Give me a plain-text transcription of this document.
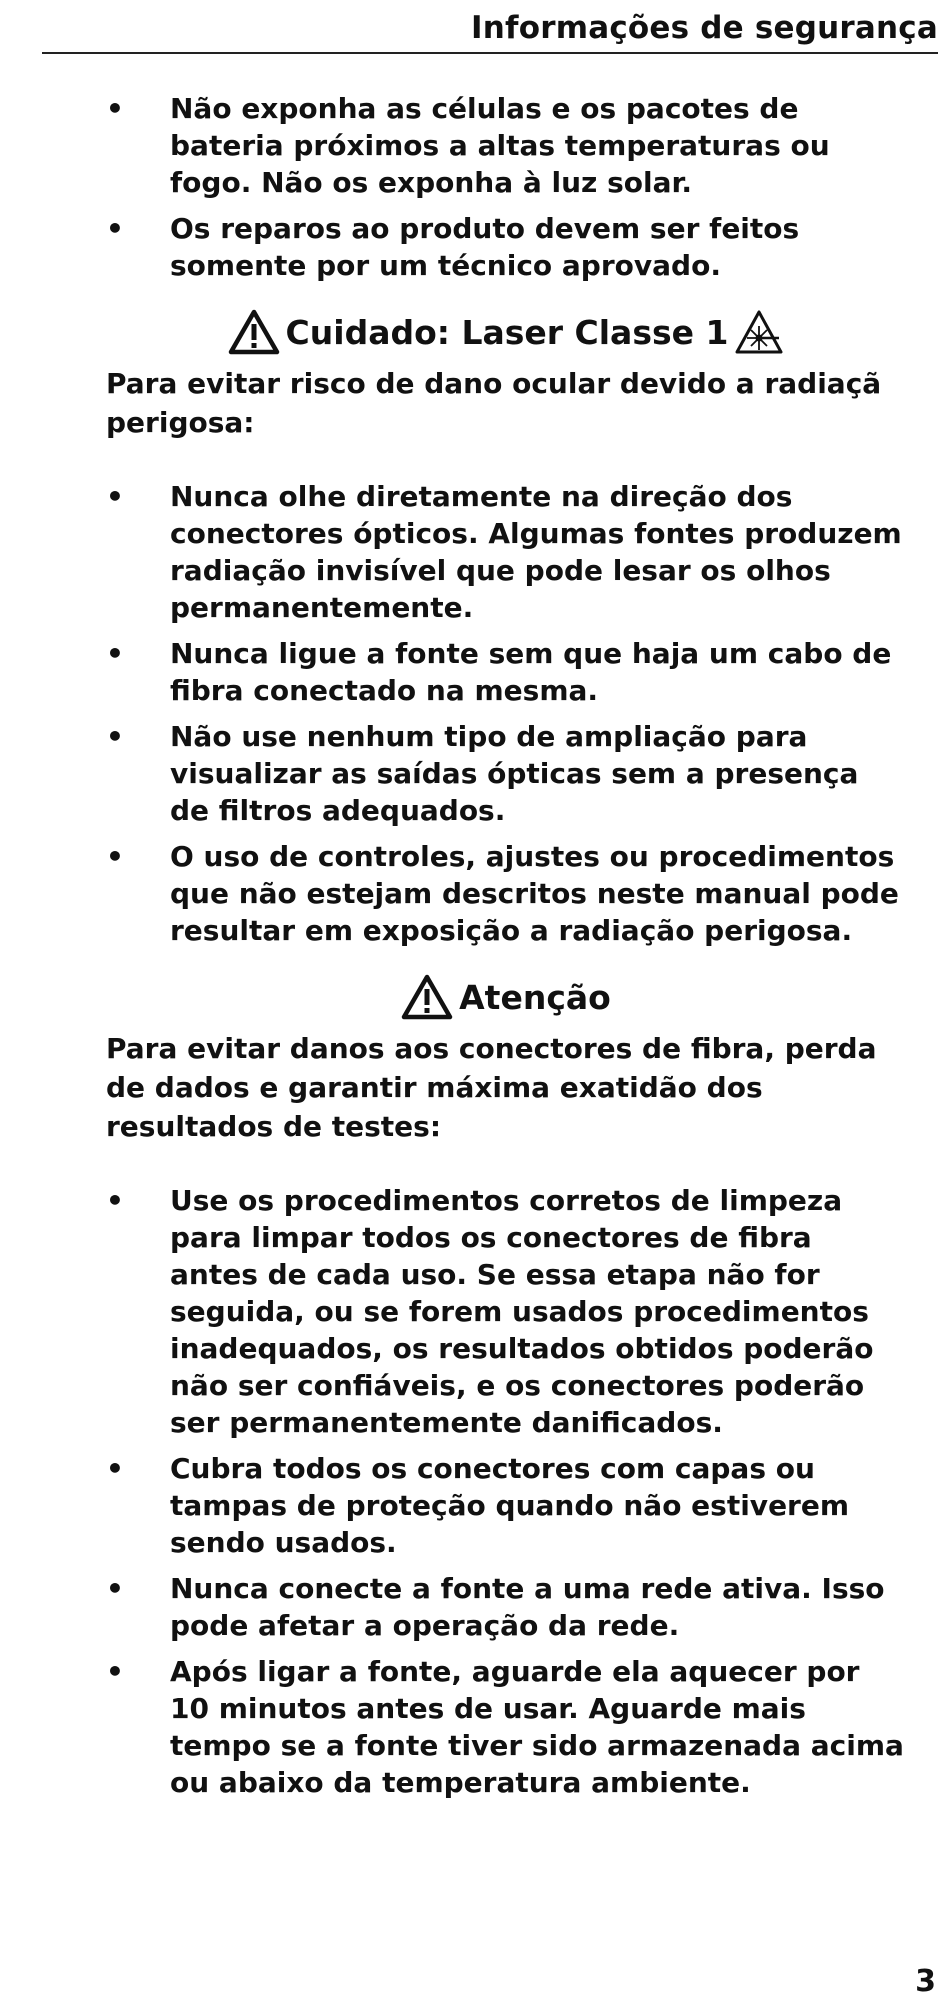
Informações de segurança
• Não exponha as células e os pacotes de bateria próximos a altas temperaturas ou fogo. Não os exponha à luz solar.
• Os reparos ao produto devem ser feitos somente por um técnico aprovado.
Cuidado: Laser Classe 1
Para evitar risco de dano ocular devido a radiaçã perigosa:
• Nunca olhe diretamente na direção dos conectores ópticos. Algumas fontes produzem radiação invisível que pode lesar os olhos permanentemente.
• Nunca ligue a fonte sem que haja um cabo de fibra conectado na mesma.
• Não use nenhum tipo de ampliação para visualizar as saídas ópticas sem a presença de filtros adequados.
• O uso de controles, ajustes ou procedimentos que não estejam descritos neste manual pode resultar em exposição a radiação perigosa.
Atenção
Para evitar danos aos conectores de fibra, perda de dados e garantir máxima exatidão dos resultados de testes:
• Use os procedimentos corretos de limpeza para limpar todos os conectores de fibra antes de cada uso. Se essa etapa não for seguida, ou se forem usados procedimentos inadequados, os resultados obtidos poderão não ser confiáveis, e os conectores poderão ser permanentemente danificados.
• Cubra todos os conectores com capas ou tampas de proteção quando não estiverem sendo usados.
• Nunca conecte a fonte a uma rede ativa. Isso pode afetar a operação da rede.
• Após ligar a fonte, aguarde ela aquecer por 10 minutos antes de usar. Aguarde mais tempo se a fonte tiver sido armazenada acima ou abaixo da temperatura ambiente.
3
